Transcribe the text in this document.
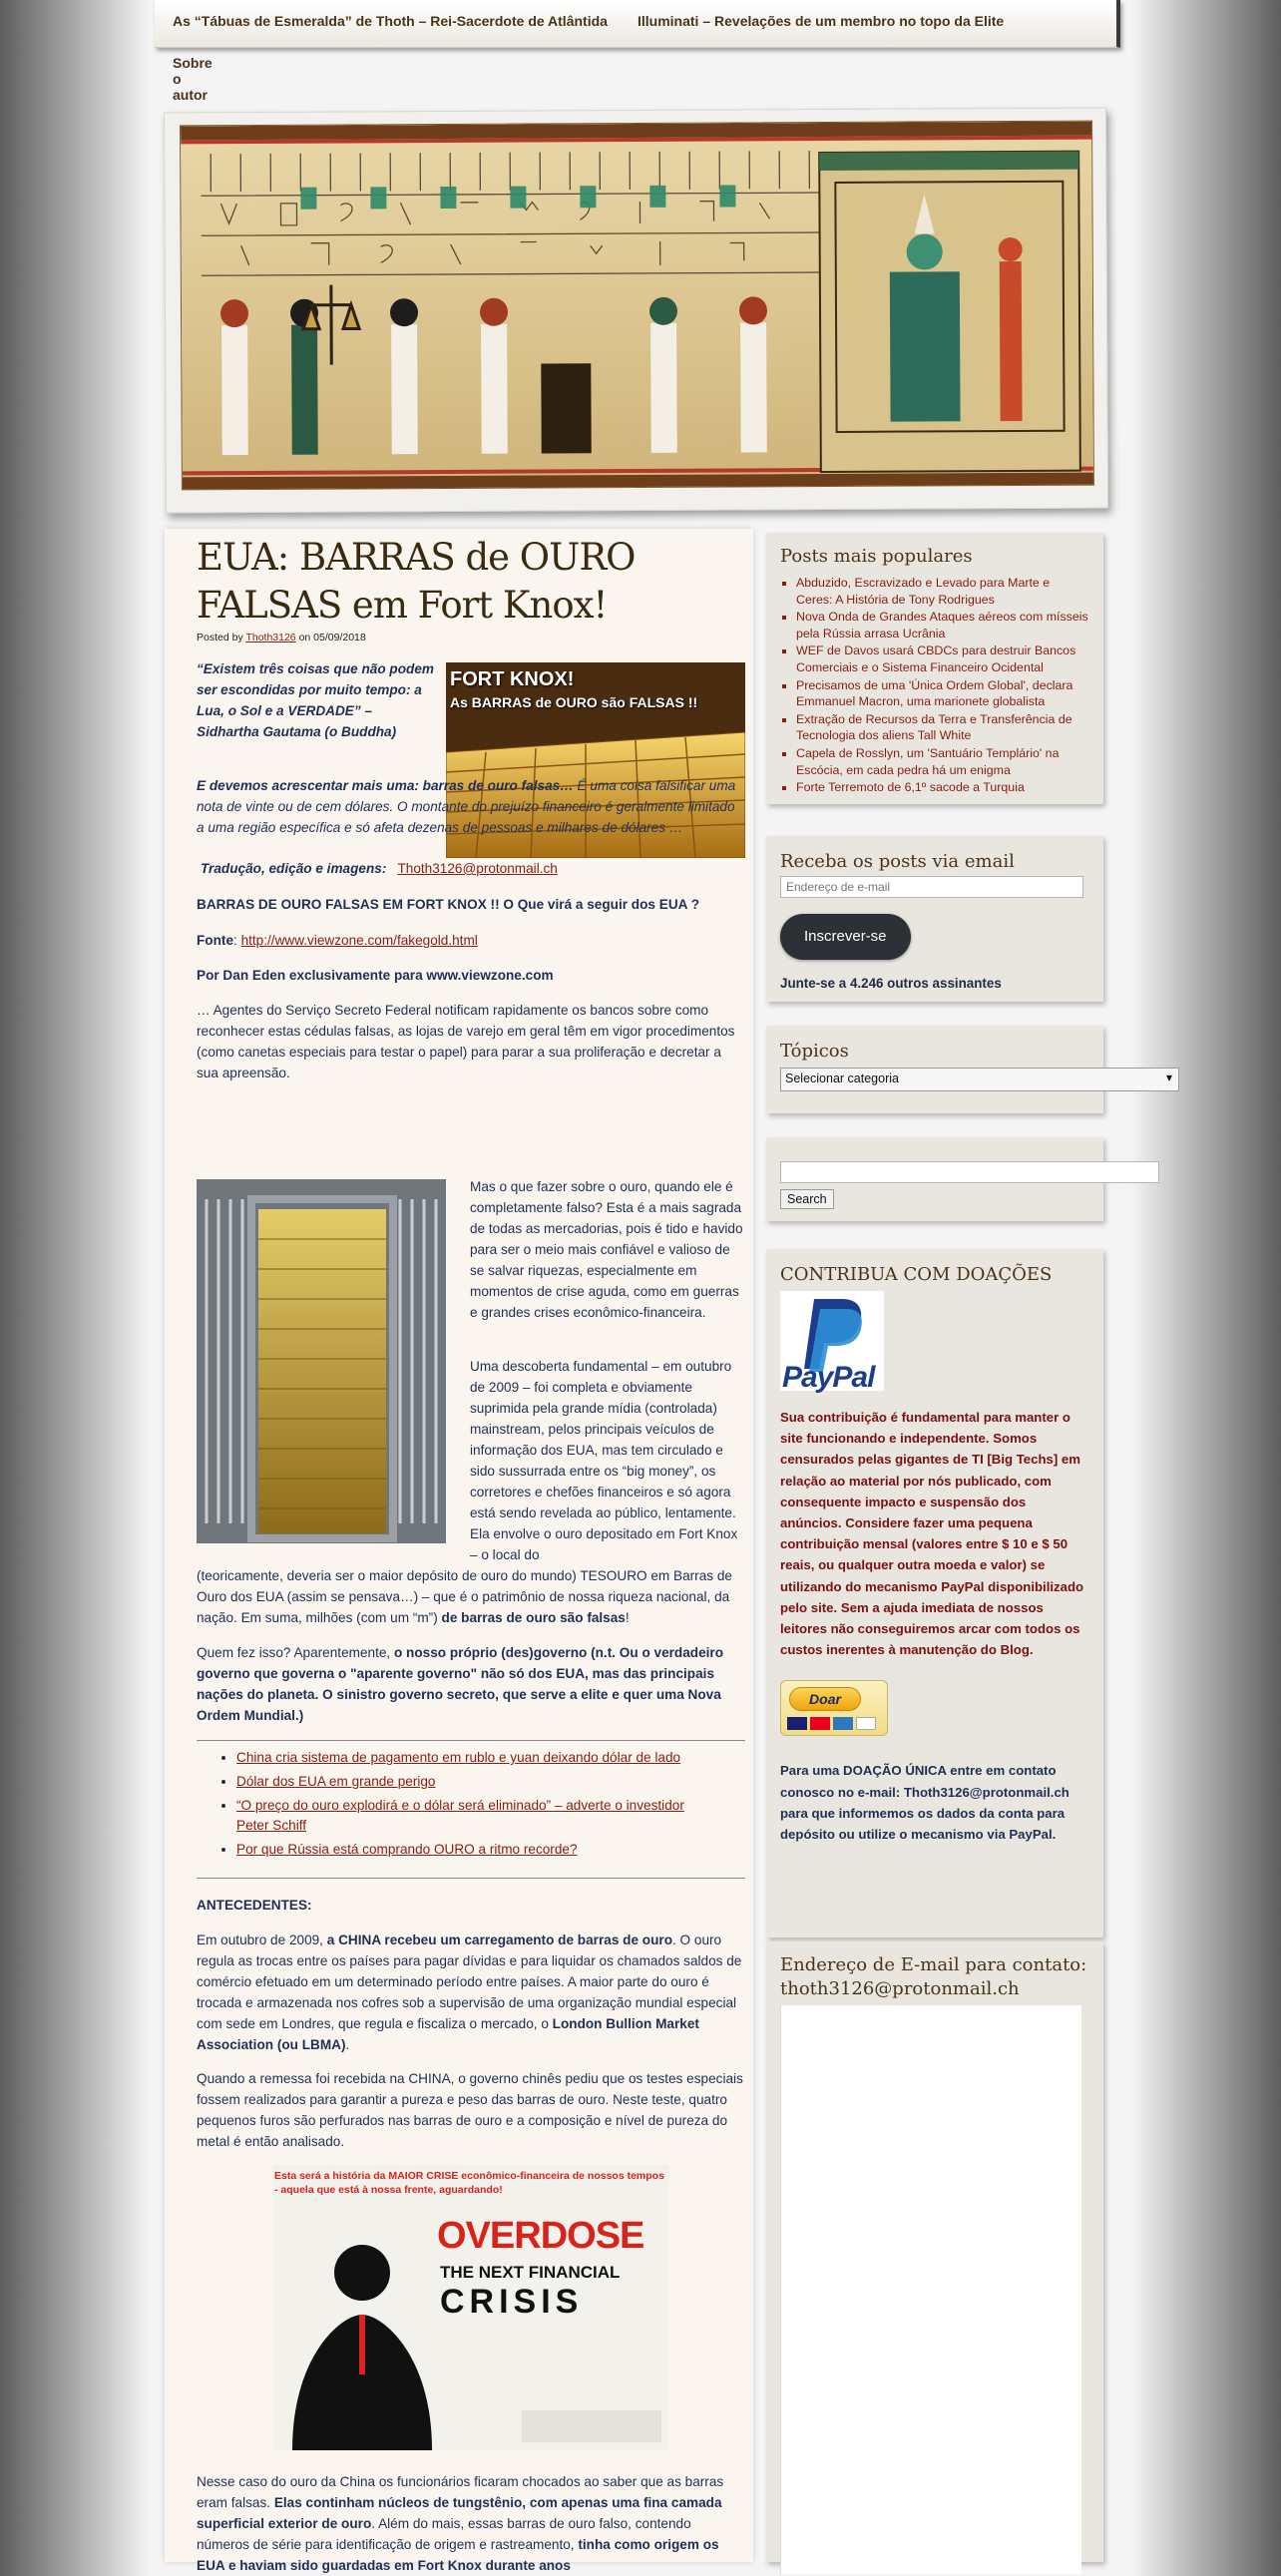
As “Tábuas de Esmeralda” de Thoth – Rei-Sacerdote de Atlântida Illuminati – Revelações de um membro no topo da Elite
Sobre o autor
EUA: BARRAS de OURO FALSAS em Fort Knox!
Posted by Thoth3126 on 05/09/2018
FORT KNOX!
As BARRAS de OURO são FALSAS !!

“Existem três coisas que não podem ser escondidas por muito tempo: a Lua, o Sol e a VERDADE” – Sidhartha Gautama (o Buddha)

E devemos acrescentar mais uma: barras de ouro falsas… É uma coisa falsificar uma nota de vinte ou de cem dólares. O montante do prejuízo financeiro é geralmente limitado a uma região específica e só afeta dezenas de pessoas e milhares de dólares …

Tradução, edição e imagens: Thoth3126@protonmail.ch

BARRAS DE OURO FALSAS EM FORT KNOX !! O Que virá a seguir dos EUA ?

Fonte: http://www.viewzone.com/fakegold.html

Por Dan Eden exclusivamente para www.viewzone.com

… Agentes do Serviço Secreto Federal notificam rapidamente os bancos sobre como reconhecer estas cédulas falsas, as lojas de varejo em geral têm em vigor procedimentos (como canetas especiais para testar o papel) para parar a sua proliferação e decretar a sua apreensão.

Mas o que fazer sobre o ouro, quando ele é completamente falso? Esta é a mais sagrada de todas as mercadorias, pois é tido e havido para ser o meio mais confiável e valioso de se salvar riquezas, especialmente em momentos de crise aguda, como em guerras e grandes crises econômico-financeira.

Uma descoberta fundamental – em outubro de 2009 – foi completa e obviamente suprimida pela grande mídia (controlada) mainstream, pelos principais veículos de informação dos EUA, mas tem circulado e sido sussurrada entre os “big money”, os corretores e chefões financeiros e só agora está sendo revelada ao público, lentamente. Ela envolve o ouro depositado em Fort Knox – o local do

(teoricamente, deveria ser o maior depósito de ouro do mundo) TESOURO em Barras de Ouro dos EUA (assim se pensava…) – que é o patrimônio de nossa riqueza nacional, da nação. Em suma, milhões (com um “m”) de barras de ouro são falsas!

Quem fez isso? Aparentemente, o nosso próprio (des)governo (n.t. Ou o verdadeiro governo que governa o "aparente governo" não só dos EUA, mas das principais nações do planeta. O sinistro governo secreto, que serve a elite e quer uma Nova Ordem Mundial.)

• China cria sistema de pagamento em rublo e yuan deixando dólar de lado
• Dólar dos EUA em grande perigo
• “O preço do ouro explodirá e o dólar será eliminado” – adverte o investidor Peter Schiff
• Por que Rússia está comprando OURO a ritmo recorde?

ANTECEDENTES:

Em outubro de 2009, a CHINA recebeu um carregamento de barras de ouro. O ouro regula as trocas entre os países para pagar dívidas e para liquidar os chamados saldos de comércio efetuado em um determinado período entre países. A maior parte do ouro é trocada e armazenada nos cofres sob a supervisão de uma organização mundial especial com sede em Londres, que regula e fiscaliza o mercado, o London Bullion Market Association (ou LBMA).

Quando a remessa foi recebida na CHINA, o governo chinês pediu que os testes especiais fossem realizados para garantir a pureza e peso das barras de ouro. Neste teste, quatro pequenos furos são perfurados nas barras de ouro e a composição e nível de pureza do metal é então analisado.

Esta será a história da MAIOR CRISE econômico-financeira de nossos tempos - aquela que está à nossa frente, aguardando!
OVERDOSE
THE NEXT FINANCIAL
CRISIS

Nesse caso do ouro da China os funcionários ficaram chocados ao saber que as barras eram falsas. Elas continham núcleos de tungstênio, com apenas uma fina camada superficial exterior de ouro. Além do mais, essas barras de ouro falso, contendo números de série para identificação de origem e rastreamento, tinha como origem os EUA e haviam sido guardadas em Fort Knox durante anos

Posts mais populares
▪ Abduzido, Escravizado e Levado para Marte e Ceres: A História de Tony Rodrigues
▪ Nova Onda de Grandes Ataques aéreos com mísseis pela Rússia arrasa Ucrânia
▪ WEF de Davos usará CBDCs para destruir Bancos Comerciais e o Sistema Financeiro Ocidental
▪ Precisamos de uma 'Única Ordem Global', declara Emmanuel Macron, uma marionete globalista
▪ Extração de Recursos da Terra e Transferência de Tecnologia dos aliens Tall White
▪ Capela de Rosslyn, um 'Santuário Templário' na Escócia, em cada pedra há um enigma
▪ Forte Terremoto de 6,1º sacode a Turquia
Receba os posts via email
Endereço de e-mail Inscrever-se
Junte-se a 4.246 outros assinantes
Tópicos
Selecionar categoria	▾
Search
CONTRIBUA COM DOAÇÕES
PayPal
Sua contribuição é fundamental para manter o site funcionando e independente. Somos censurados pelas gigantes de TI [Big Techs] em relação ao material por nós publicado, com consequente impacto e suspensão dos anúncios. Considere fazer uma pequena contribuição mensal (valores entre $ 10 e $ 50 reais, ou qualquer outra moeda e valor) se utilizando do mecanismo PayPal disponibilizado pelo site. Sem a ajuda imediata de nossos leitores não conseguiremos arcar com todos os custos inerentes à manutenção do Blog.
Doar
Para uma DOAÇÃO ÚNICA entre em contato conosco no e-mail: Thoth3126@protonmail.ch para que informemos os dados da conta para depósito ou utilize o mecanismo via PayPal.
Endereço de E-mail para contato: thoth3126@protonmail.ch
